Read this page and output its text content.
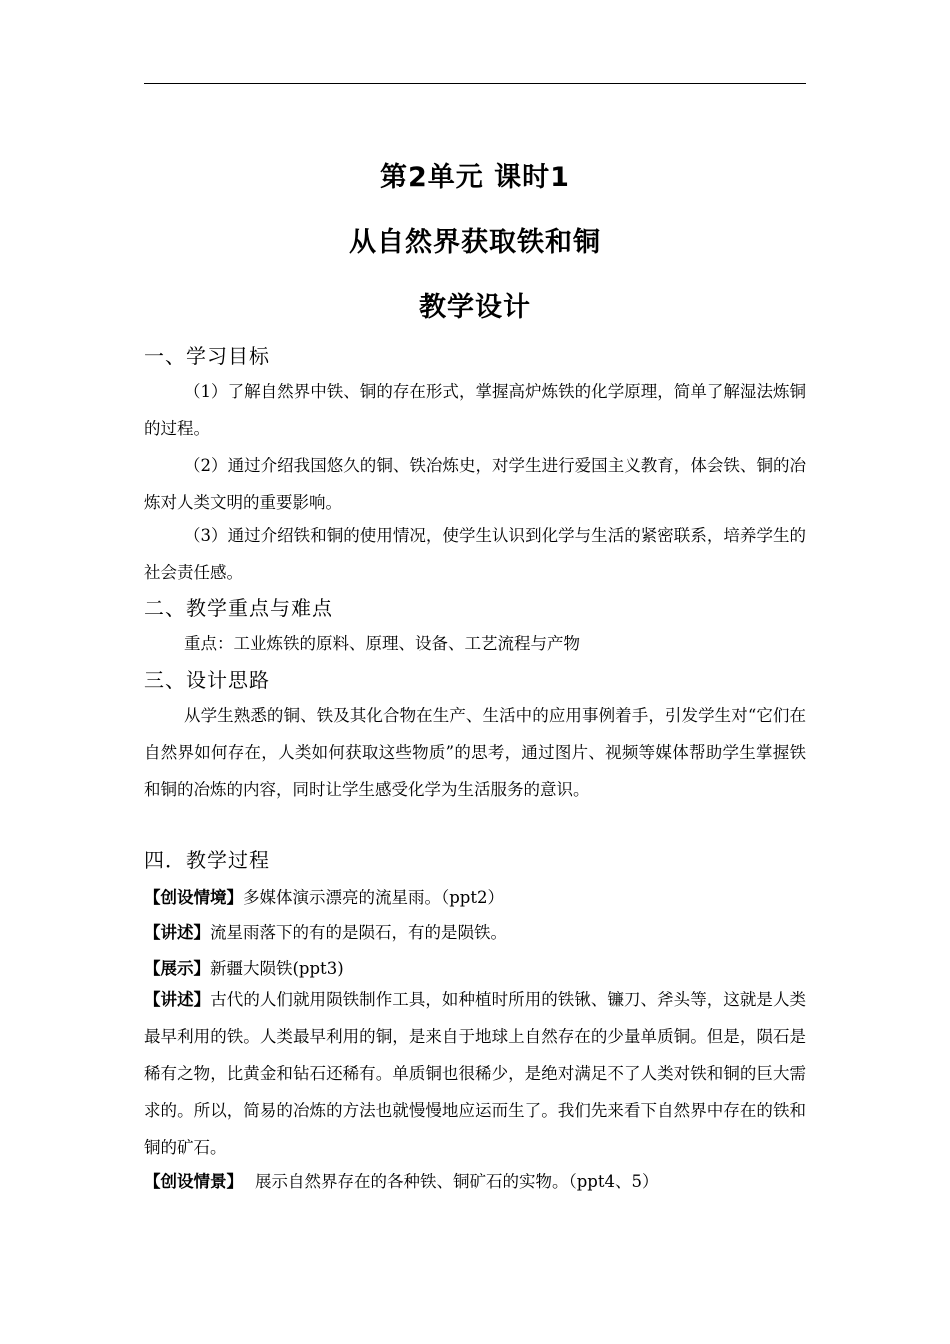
第2单元 课时1
从自然界获取铁和铜
教学设计
一、学习目标
（1）了解自然界中铁、铜的存在形式，掌握高炉炼铁的化学原理，简单了解湿法炼铜的过程。
（2）通过介绍我国悠久的铜、铁冶炼史，对学生进行爱国主义教育，体会铁、铜的冶炼对人类文明的重要影响。
（3）通过介绍铁和铜的使用情况，使学生认识到化学与生活的紧密联系，培养学生的社会责任感。
二、教学重点与难点
重点：工业炼铁的原料、原理、设备、工艺流程与产物
三、设计思路
从学生熟悉的铜、铁及其化合物在生产、生活中的应用事例着手，引发学生对“它们在自然界如何存在，人类如何获取这些物质”的思考，通过图片、视频等媒体帮助学生掌握铁和铜的冶炼的内容，同时让学生感受化学为生活服务的意识。
四．教学过程
【创设情境】多媒体演示漂亮的流星雨。（ppt2）
【讲述】流星雨落下的有的是陨石，有的是陨铁。
【展示】新疆大陨铁(ppt3)
【讲述】古代的人们就用陨铁制作工具，如种植时所用的铁锹、镰刀、斧头等，这就是人类最早利用的铁。人类最早利用的铜，是来自于地球上自然存在的少量单质铜。但是，陨石是稀有之物，比黄金和钻石还稀有。单质铜也很稀少，是绝对满足不了人类对铁和铜的巨大需求的。所以，简易的冶炼的方法也就慢慢地应运而生了。我们先来看下自然界中存在的铁和铜的矿石。
【创设情景】 展示自然界存在的各种铁、铜矿石的实物。（ppt4、5）
